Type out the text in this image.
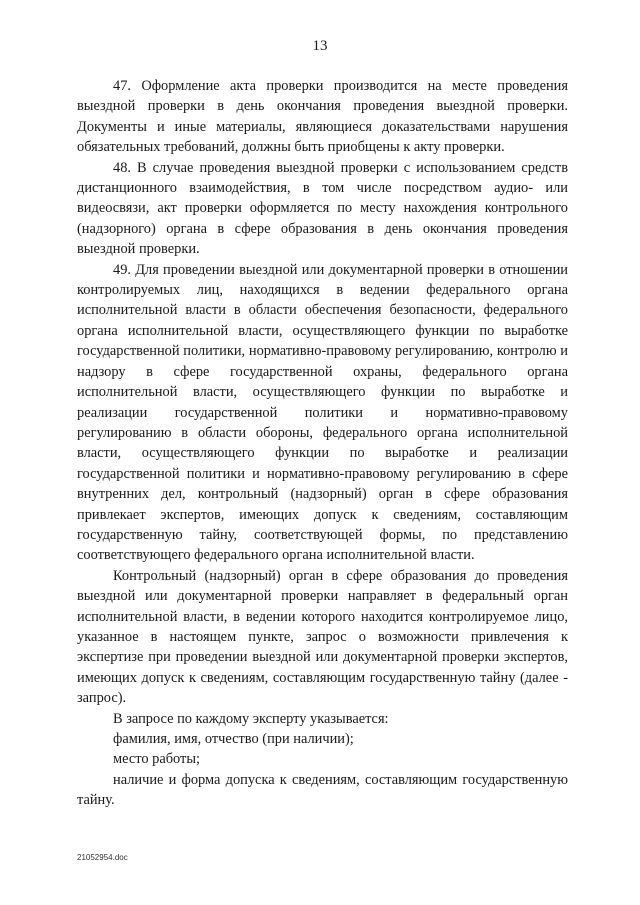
13

47. Оформление акта проверки производится на месте проведения выездной проверки в день окончания проведения выездной проверки. Документы и иные материалы, являющиеся доказательствами нарушения обязательных требований, должны быть приобщены к акту проверки.

48. В случае проведения выездной проверки с использованием средств дистанционного взаимодействия, в том числе посредством аудио- или видеосвязи, акт проверки оформляется по месту нахождения контрольного (надзорного) органа в сфере образования в день окончания проведения выездной проверки.

49. Для проведении выездной или документарной проверки в отношении контролируемых лиц, находящихся в ведении федерального органа исполнительной власти в области обеспечения безопасности, федерального органа исполнительной власти, осуществляющего функции по выработке государственной политики, нормативно-правовому регулированию, контролю и надзору в сфере государственной охраны, федерального органа исполнительной власти, осуществляющего функции по выработке и реализации государственной политики и нормативно-правовому регулированию в области обороны, федерального органа исполнительной власти, осуществляющего функции по выработке и реализации государственной политики и нормативно-правовому регулированию в сфере внутренних дел, контрольный (надзорный) орган в сфере образования привлекает экспертов, имеющих допуск к сведениям, составляющим государственную тайну, соответствующей формы, по представлению соответствующего федерального органа исполнительной власти.

Контрольный (надзорный) орган в сфере образования до проведения выездной или документарной проверки направляет в федеральный орган исполнительной власти, в ведении которого находится контролируемое лицо, указанное в настоящем пункте, запрос о возможности привлечения к экспертизе при проведении выездной или документарной проверки экспертов, имеющих допуск к сведениям, составляющим государственную тайну (далее - запрос).

В запросе по каждому эксперту указывается:

фамилия, имя, отчество (при наличии);

место работы;

наличие и форма допуска к сведениям, составляющим государственную тайну.

21052954.doc
